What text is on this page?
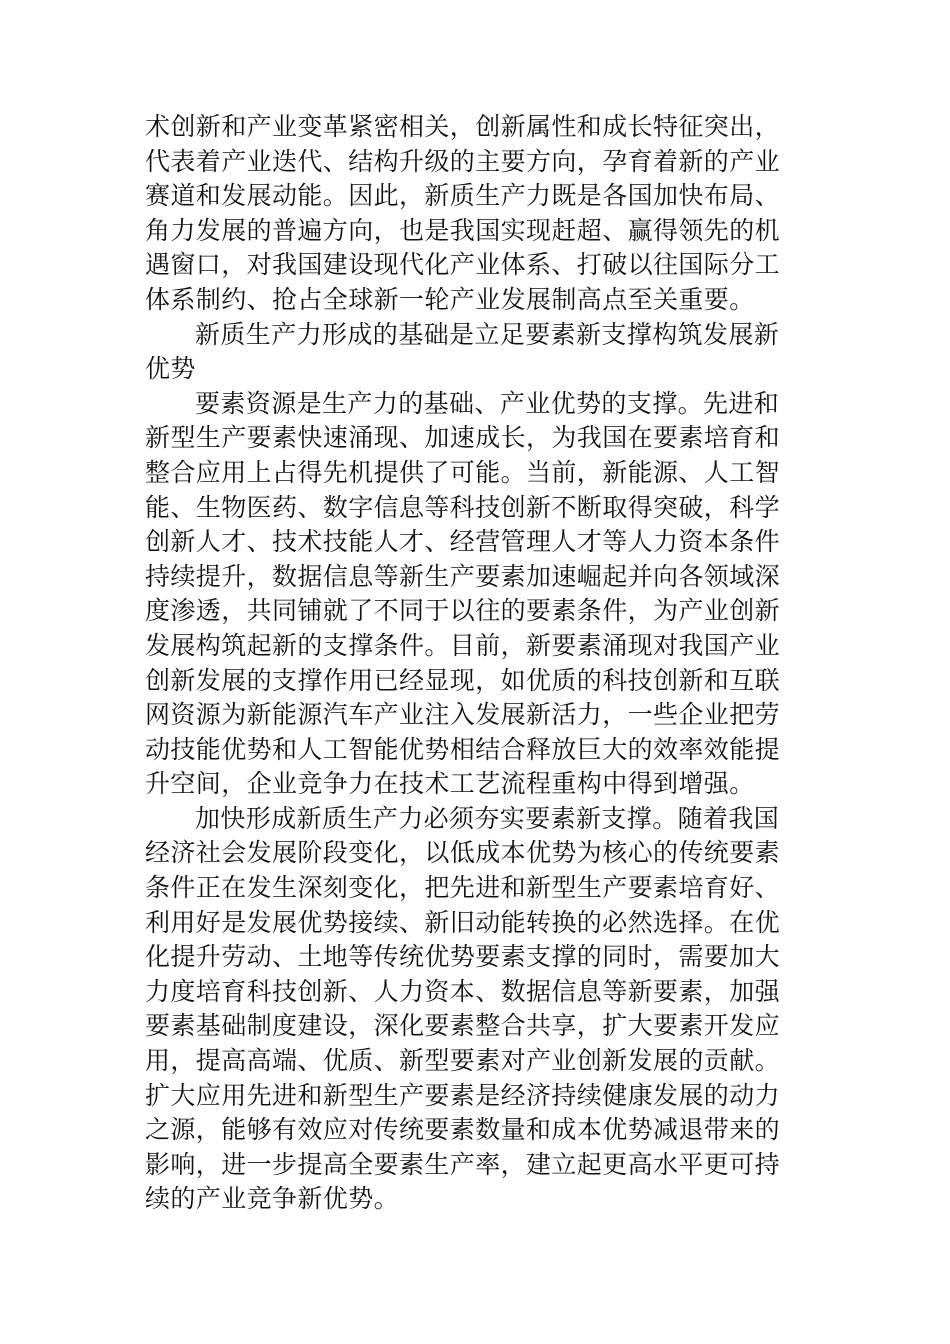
术创新和产业变革紧密相关，创新属性和成长特征突出，
代表着产业迭代、结构升级的主要方向，孕育着新的产业
赛道和发展动能。因此，新质生产力既是各国加快布局、
角力发展的普遍方向，也是我国实现赶超、赢得领先的机
遇窗口，对我国建设现代化产业体系、打破以往国际分工
体系制约、抢占全球新一轮产业发展制高点至关重要。
新质生产力形成的基础是立足要素新支撑构筑发展新
优势
要素资源是生产力的基础、产业优势的支撑。先进和
新型生产要素快速涌现、加速成长，为我国在要素培育和
整合应用上占得先机提供了可能。当前，新能源、人工智
能、生物医药、数字信息等科技创新不断取得突破，科学
创新人才、技术技能人才、经营管理人才等人力资本条件
持续提升，数据信息等新生产要素加速崛起并向各领域深
度渗透，共同铺就了不同于以往的要素条件，为产业创新
发展构筑起新的支撑条件。目前，新要素涌现对我国产业
创新发展的支撑作用已经显现，如优质的科技创新和互联
网资源为新能源汽车产业注入发展新活力，一些企业把劳
动技能优势和人工智能优势相结合释放巨大的效率效能提
升空间，企业竞争力在技术工艺流程重构中得到增强。
加快形成新质生产力必须夯实要素新支撑。随着我国
经济社会发展阶段变化，以低成本优势为核心的传统要素
条件正在发生深刻变化，把先进和新型生产要素培育好、
利用好是发展优势接续、新旧动能转换的必然选择。在优
化提升劳动、土地等传统优势要素支撑的同时，需要加大
力度培育科技创新、人力资本、数据信息等新要素，加强
要素基础制度建设，深化要素整合共享，扩大要素开发应
用，提高高端、优质、新型要素对产业创新发展的贡献。
扩大应用先进和新型生产要素是经济持续健康发展的动力
之源，能够有效应对传统要素数量和成本优势减退带来的
影响，进一步提高全要素生产率，建立起更高水平更可持
续的产业竞争新优势。
